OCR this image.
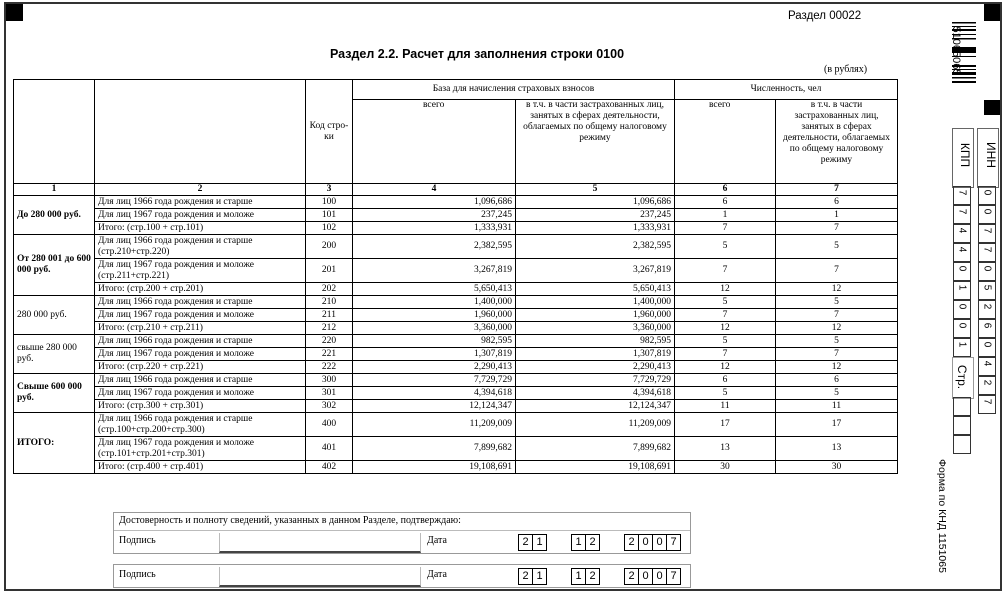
Раздел 00022
Раздел 2.2. Расчет для заполнения строки 0100
(в рублях)	51065065
		Код стро-ки	База для начисления страховых взносов		Численность, чел	
			всего	в т.ч. в части застрахованных лиц, занятых в сферах деятельности, облагаемых по общему налоговому режиму	всего	в т.ч. в части застрахованных лиц, занятых в сферах деятельности, облагаемых по общему налоговому режиму
1	2	3	4	5	6	7
До 280 000 руб.	Для лиц 1966 года рождения и старше	100	1,096,686	1,096,686	6	6
	Для лиц 1967 года рождения и моложе	101	237,245	237,245	1	1
	Итого: (стр.100 + стр.101)	102	1,333,931	1,333,931	7	7
От 280 001 до 600 000 руб.	Для лиц 1966 года рождения и старше (стр.210+стр.220)	200	2,382,595	2,382,595	5	5
	Для лиц 1967 года рождения и моложе (стр.211+стр.221)	201	3,267,819	3,267,819	7	7
	Итого: (стр.200 + стр.201)	202	5,650,413	5,650,413	12	12
280 000 руб.	Для лиц 1966 года рождения и старше	210	1,400,000	1,400,000	5	5
	Для лиц 1967 года рождения и моложе	211	1,960,000	1,960,000	7	7
	Итого: (стр.210 + стр.211)	212	3,360,000	3,360,000	12	12
свыше 280 000 руб.	Для лиц 1966 года рождения и старше	220	982,595	982,595	5	5
	Для лиц 1967 года рождения и моложе	221	1,307,819	1,307,819	7	7
	Итого: (стр.220 + стр.221)	222	2,290,413	2,290,413	12	12
Свыше 600 000 руб.	Для лиц 1966 года рождения и старше	300	7,729,729	7,729,729	6	6
	Для лиц 1967 года рождения и моложе	301	4,394,618	4,394,618	5	5
	Итого: (стр.300 + стр.301)	302	12,124,347	12,124,347	11	11
ИТОГО:	Для лиц 1966 года рождения и старше (стр.100+стр.200+стр.300)	400	11,209,009	11,209,009	17	17
	Для лиц 1967 года рождения и моложе (стр.101+стр.201+стр.301)	401	7,899,682	7,899,682	13	13
	Итого: (стр.400 + стр.401)	402	19,108,691	19,108,691	30	30
Достоверность и полноту сведений, указанных в данном Разделе, подтверждаю:
Подпись	Дата	2 1	1 2	2 0 0 7
Подпись	Дата	2 1	1 2	2 0 0 7
ИНН
0
0
7
7
0
5
2
6
0
4
2
7
КПП
7
7
4
4
0
1
0
0
1
Стр.
Форма по КНД 1151065
